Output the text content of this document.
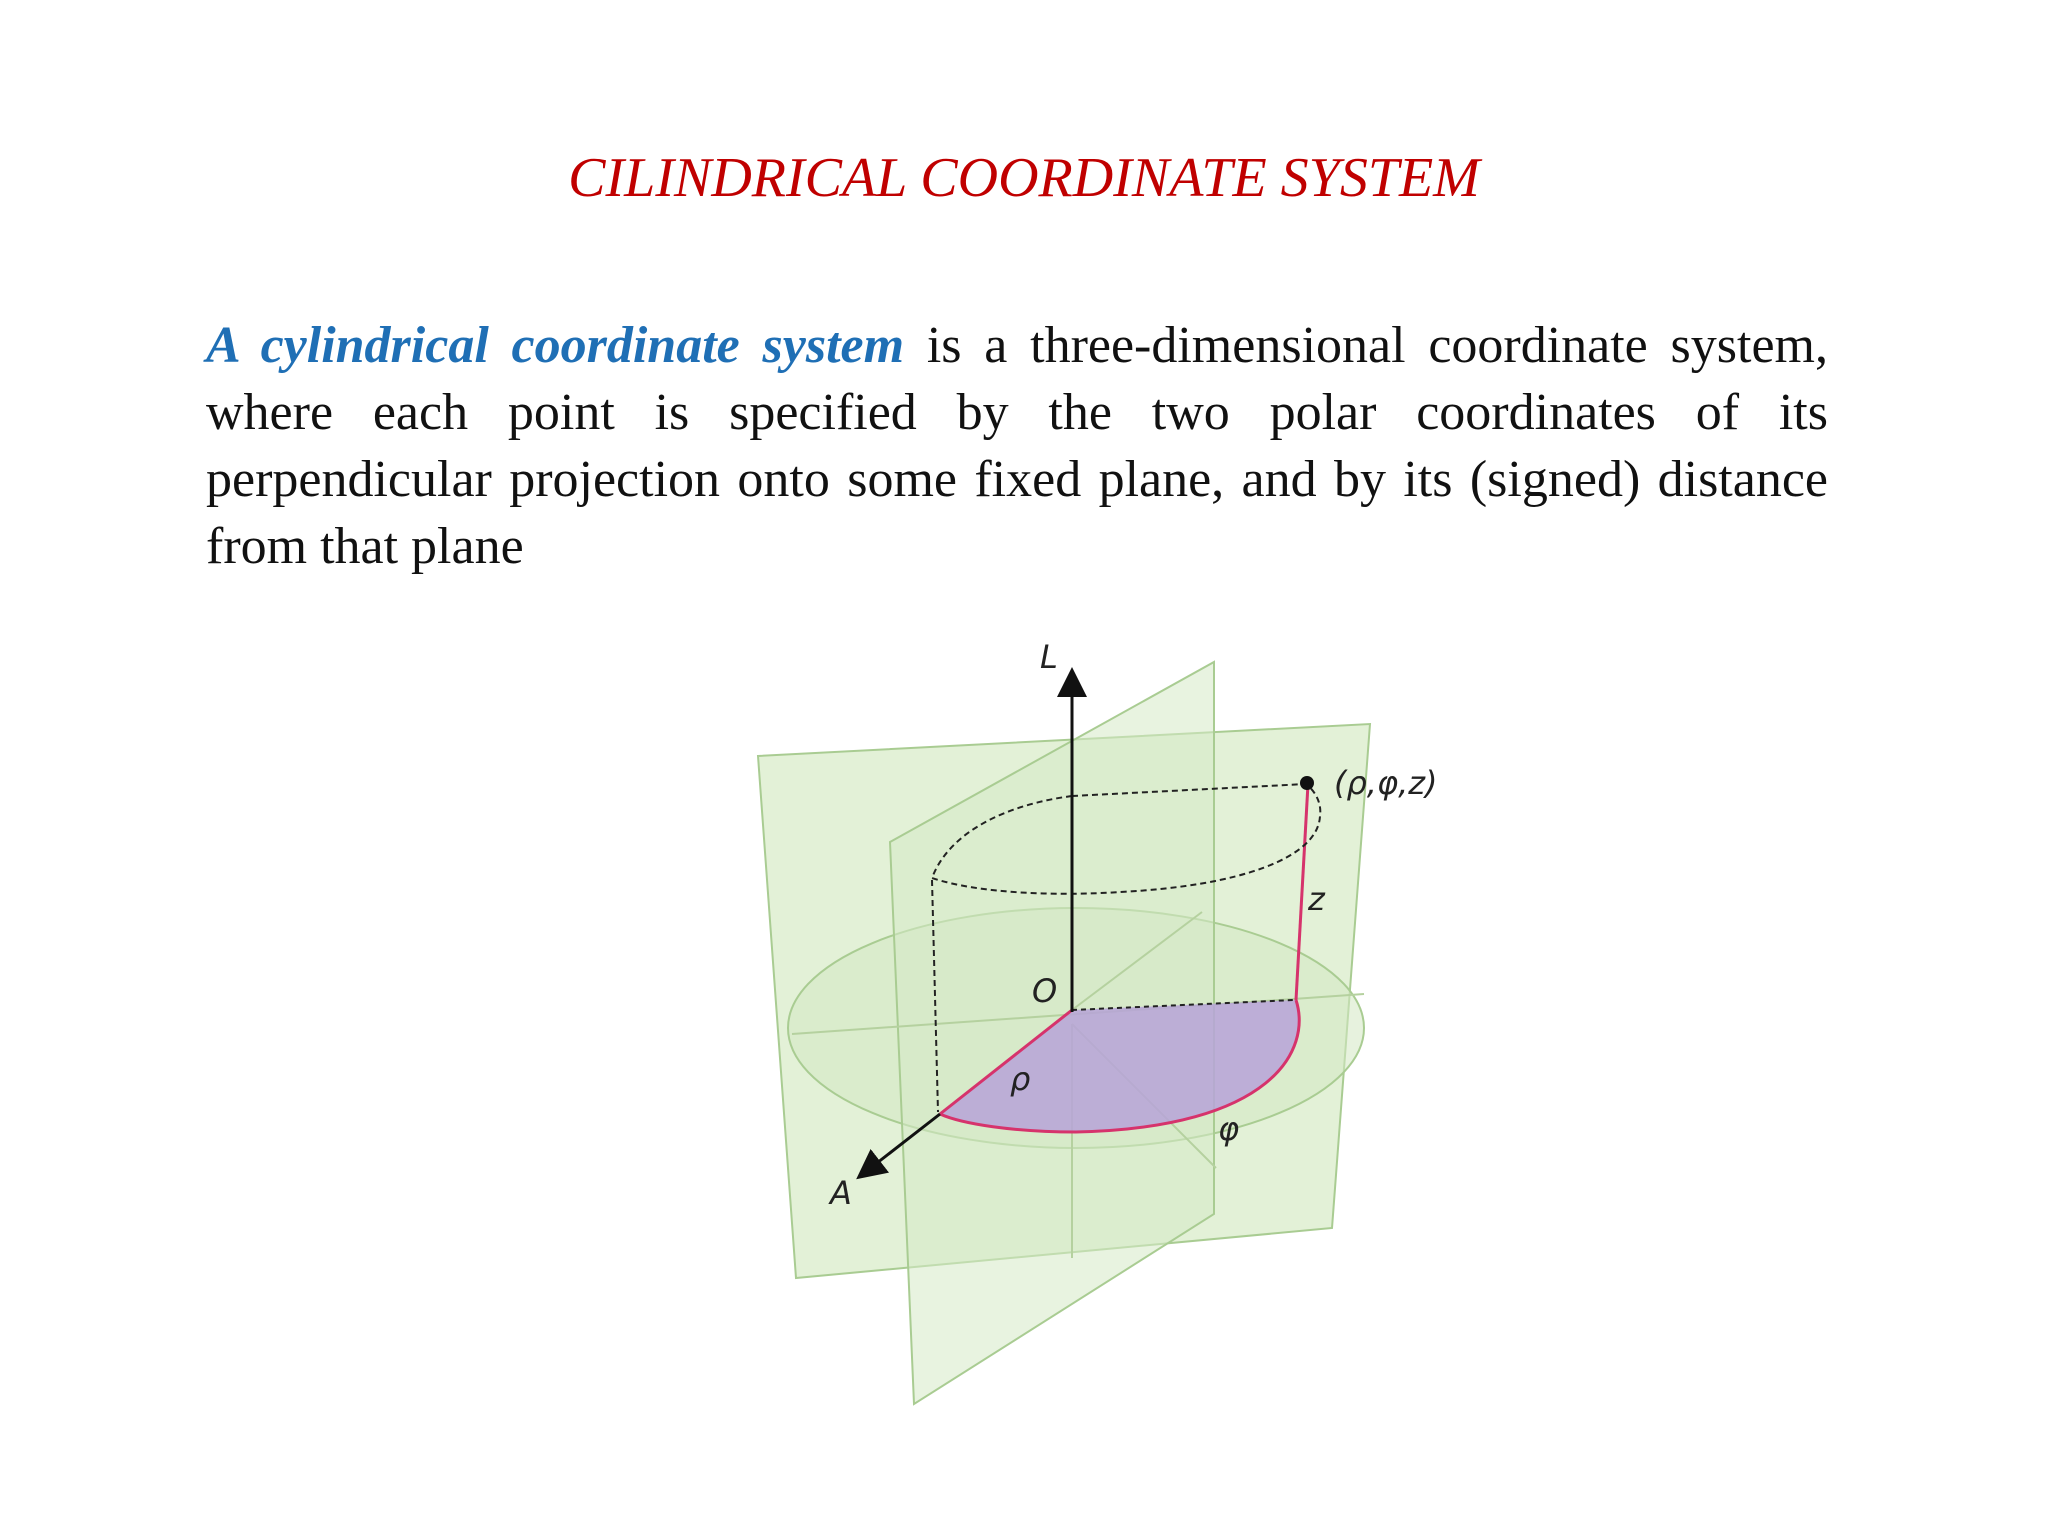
CILINDRICAL COORDINATE SYSTEM
A cylindrical coordinate system is a three-dimensional coordinate system, where each point is specified by the two polar coordinates of its perpendicular projection onto some fixed plane, and by its (signed) distance from that plane
L
A
O
ρ
φ
z
(ρ,φ,z)
